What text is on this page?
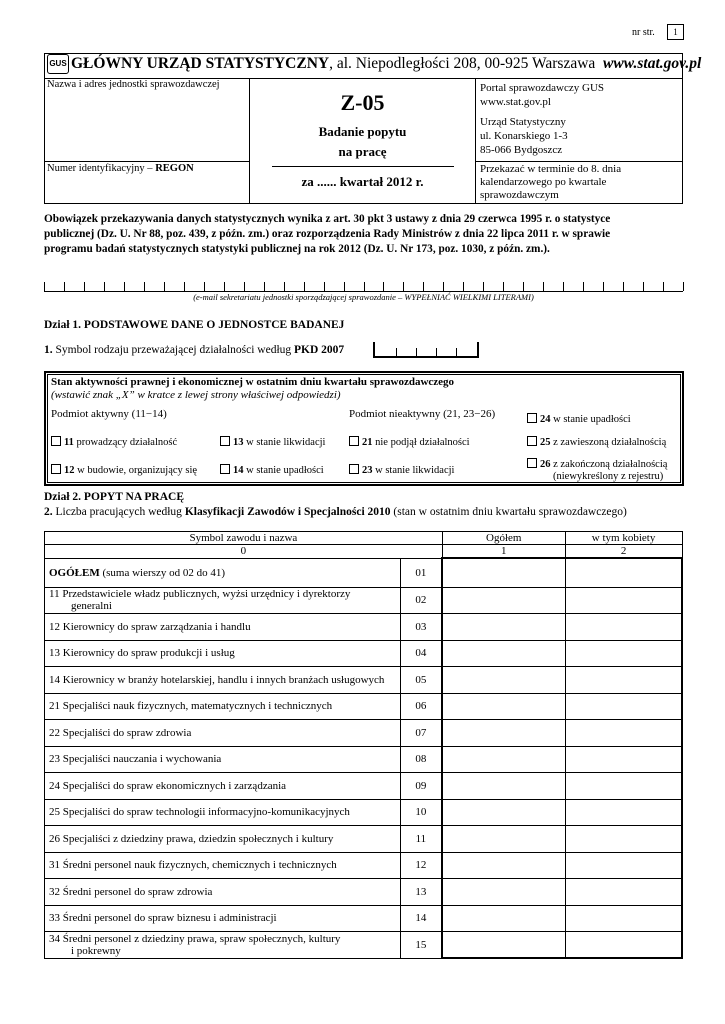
nr str.	1
GUS GŁÓWNY URZĄD STATYSTYCZNY, al. Niepodległości 208, 00-925 Warszawa www.stat.gov.pl
Nazwa i adres jednostki sprawozdawczej
Numer identyfikacyjny – REGON
Z-05
Badanie popytu
na pracę
za ...... kwartał 2012 r.
Portal sprawozdawczy GUS
www.stat.gov.pl
Urząd Statystyczny
ul. Konarskiego 1-3
85-066 Bydgoszcz
Przekazać w terminie do 8. dnia
kalendarzowego po kwartale
sprawozdawczym
Obowiązek przekazywania danych statystycznych wynika z art. 30 pkt 3 ustawy z dnia 29 czerwca 1995 r. o statystyce
publicznej (Dz. U. Nr 88, poz. 439, z późn. zm.) oraz rozporządzenia Rady Ministrów z dnia 22 lipca 2011 r. w sprawie
programu badań statystycznych statystyki publicznej na rok 2012 (Dz. U. Nr 173, poz. 1030, z późn. zm.).
(e-mail sekretariatu jednostki sporządzającej sprawozdanie – WYPEŁNIAĆ WIELKIMI LITERAMI)
Dział 1. PODSTAWOWE DANE O JEDNOSTCE BADANEJ
1. Symbol rodzaju przeważającej działalności według PKD 2007
Stan aktywności prawnej i ekonomicznej w ostatnim dniu kwartału sprawozdawczego
(wstawić znak „X” w kratce z lewej strony właściwej odpowiedzi)
Podmiot aktywny (11−14)	Podmiot nieaktywny (21, 23−26)	24 w stanie upadłości
11 prowadzący działalność	13 w stanie likwidacji	21 nie podjął działalności	25 z zawieszoną działalnością
12 w budowie, organizujący się	14 w stanie upadłości	23 w stanie likwidacji
26 z zakończoną działalnością
(niewykreślony z rejestru)
Dział 2. POPYT NA PRACĘ
2. Liczba pracujących według Klasyfikacji Zawodów i Specjalności 2010 (stan w ostatnim dniu kwartału sprawozdawczego)
Symbol zawodu i nazwa		Ogółem	w tym kobiety
0		1	2
OGÓŁEM (suma wierszy od 02 do 41)	01		

11 Przedstawiciele władz publicznych, wyżsi urzędnicy i dyrektorzy
generalni	02		

12 Kierownicy do spraw zarządzania i handlu	03		

13 Kierownicy do spraw produkcji i usług	04		

14 Kierownicy w branży hotelarskiej, handlu i innych branżach usługowych	05		

21 Specjaliści nauk fizycznych, matematycznych i technicznych	06		

22 Specjaliści do spraw zdrowia	07		

23 Specjaliści nauczania i wychowania	08		

24 Specjaliści do spraw ekonomicznych i zarządzania	09		

25 Specjaliści do spraw technologii informacyjno-komunikacyjnych	10		

26 Specjaliści z dziedziny prawa, dziedzin społecznych i kultury	11		

31 Średni personel nauk fizycznych, chemicznych i technicznych	12		

32 Średni personel do spraw zdrowia	13		

33 Średni personel do spraw biznesu i administracji	14		

34 Średni personel z dziedziny prawa, spraw społecznych, kultury
i pokrewny	15		
